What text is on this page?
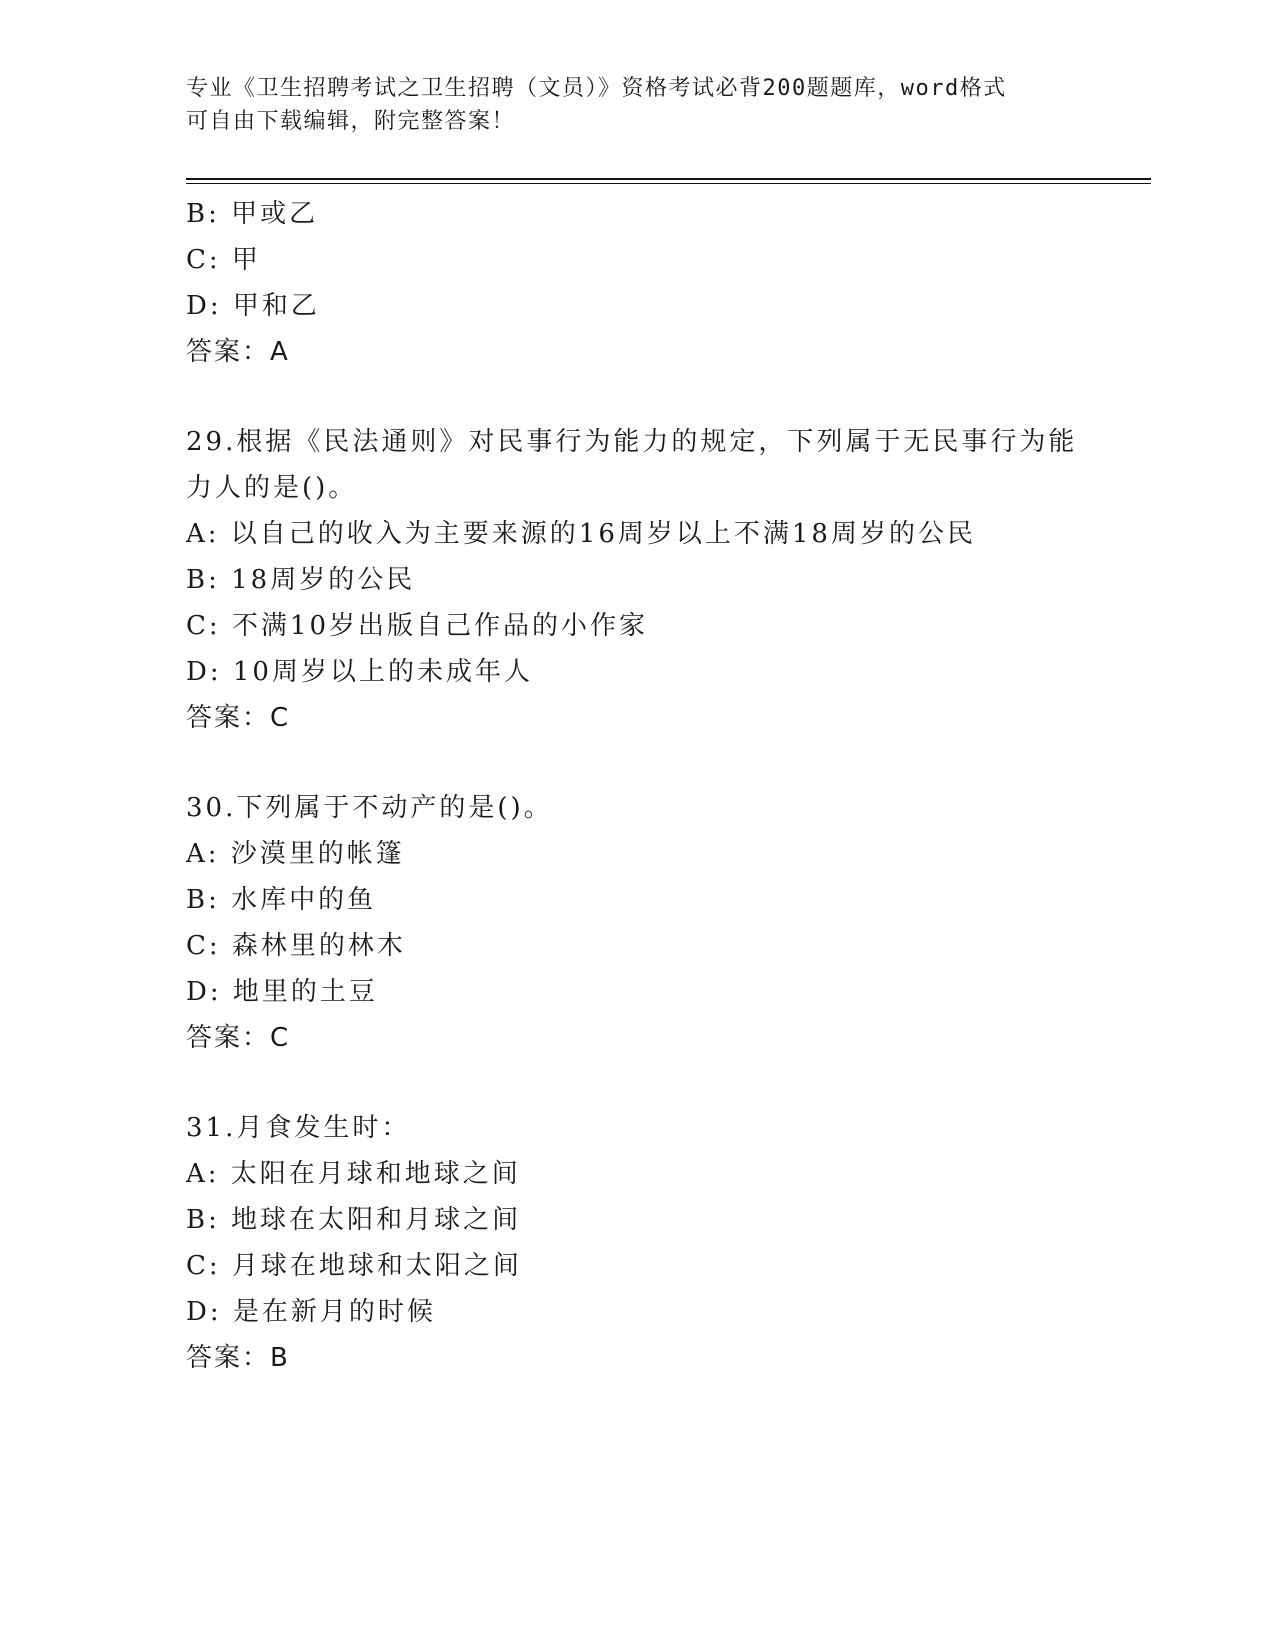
专业《卫生招聘考试之卫生招聘（文员）》资格考试必背200题题库，word格式
可自由下载编辑，附完整答案！
B: 甲或乙
C: 甲
D: 甲和乙
答案：A
29.根据《民法通则》对民事行为能力的规定，下列属于无民事行为能
力人的是()。
A: 以自己的收入为主要来源的16周岁以上不满18周岁的公民
B: 18周岁的公民
C: 不满10岁出版自己作品的小作家
D: 10周岁以上的未成年人
答案：C
30.下列属于不动产的是()。
A: 沙漠里的帐篷
B: 水库中的鱼
C: 森林里的林木
D: 地里的土豆
答案：C
31.月食发生时：
A: 太阳在月球和地球之间
B: 地球在太阳和月球之间
C: 月球在地球和太阳之间
D: 是在新月的时候
答案：B
